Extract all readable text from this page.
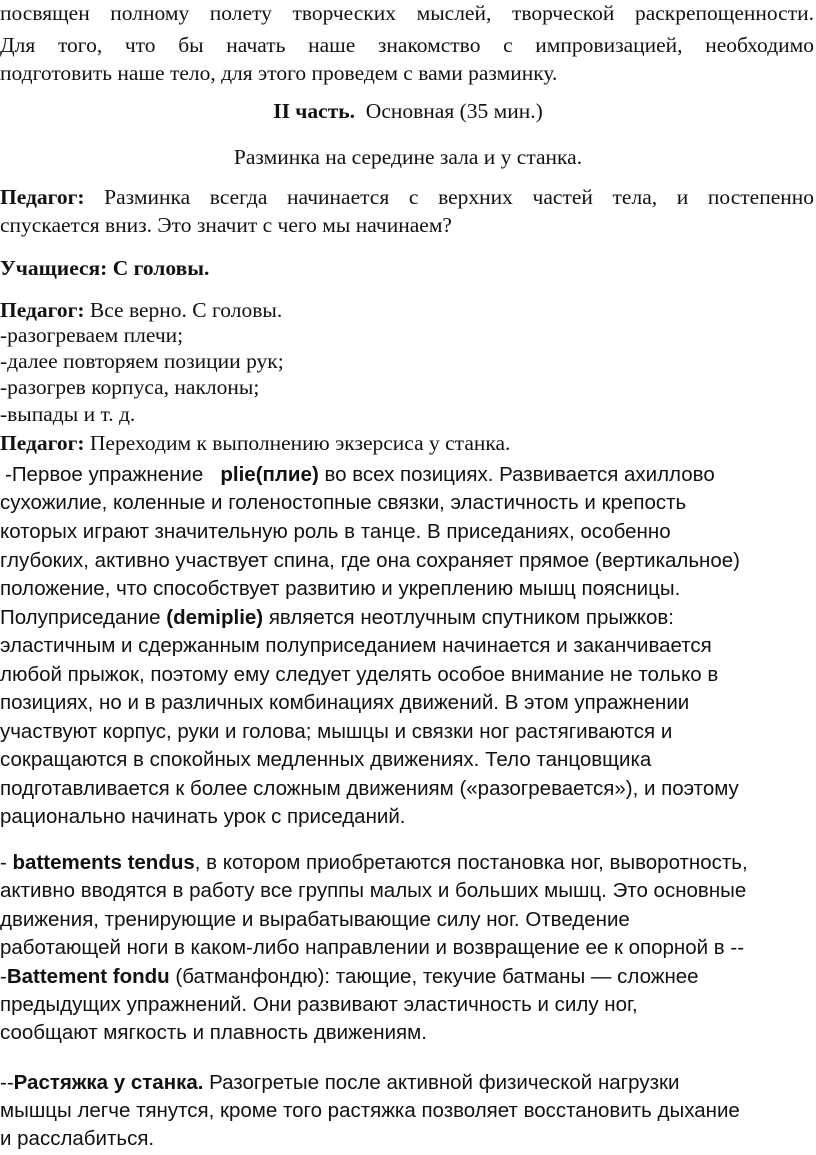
посвящен полному полету творческих мыслей, творческой раскрепощенности.
Для того, что бы начать наше знакомство с импровизацией, необходимо
подготовить наше тело, для этого проведем с вами разминку.
II часть. Основная (35 мин.)
Разминка на середине зала и у станка.
Педагог: Разминка всегда начинается с верхних частей тела, и постепенно
спускается вниз. Это значит с чего мы начинаем?
Учащиеся: С головы.
Педагог: Все верно. С головы.
-разогреваем плечи;
-далее повторяем позиции рук;
-разогрев корпуса, наклоны;
-выпады и т. д.
Педагог: Переходим к выполнению экзерсиса у станка.
-Первое упражнение plie(плие) во всех позициях. Развивается ахиллово
сухожилие, коленные и голеностопные связки, эластичность и крепость
которых играют значительную роль в танце. В приседаниях, особенно
глубоких, активно участвует спина, где она сохраняет прямое (вертикальное)
положение, что способствует развитию и укреплению мышц поясницы.
Полуприседание (demiplie) является неотлучным спутником прыжков:
эластичным и сдержанным полуприседанием начинается и заканчивается
любой прыжок, поэтому ему следует уделять особое внимание не только в
позициях, но и в различных комбинациях движений. В этом упражнении
участвуют корпус, руки и голова; мышцы и связки ног растягиваются и
сокращаются в спокойных медленных движениях. Тело танцовщика
подготавливается к более сложным движениям («разогревается»), и поэтому
рационально начинать урок с приседаний.
- battements tendus, в котором приобретаются постановка ног, выворотность,
активно вводятся в работу все группы малых и больших мышц. Это основные
движения, тренирующие и вырабатывающие силу ног. Отведение
работающей ноги в каком-либо направлении и возвращение ее к опорной в --
-Battement fondu (батманфондю): тающие, текучие батманы — сложнее
предыдущих упражнений. Они развивают эластичность и силу ног,
сообщают мягкость и плавность движениям.
--Растяжка у станка. Разогретые после активной физической нагрузки
мышцы легче тянутся, кроме того растяжка позволяет восстановить дыхание
и расслабиться.
